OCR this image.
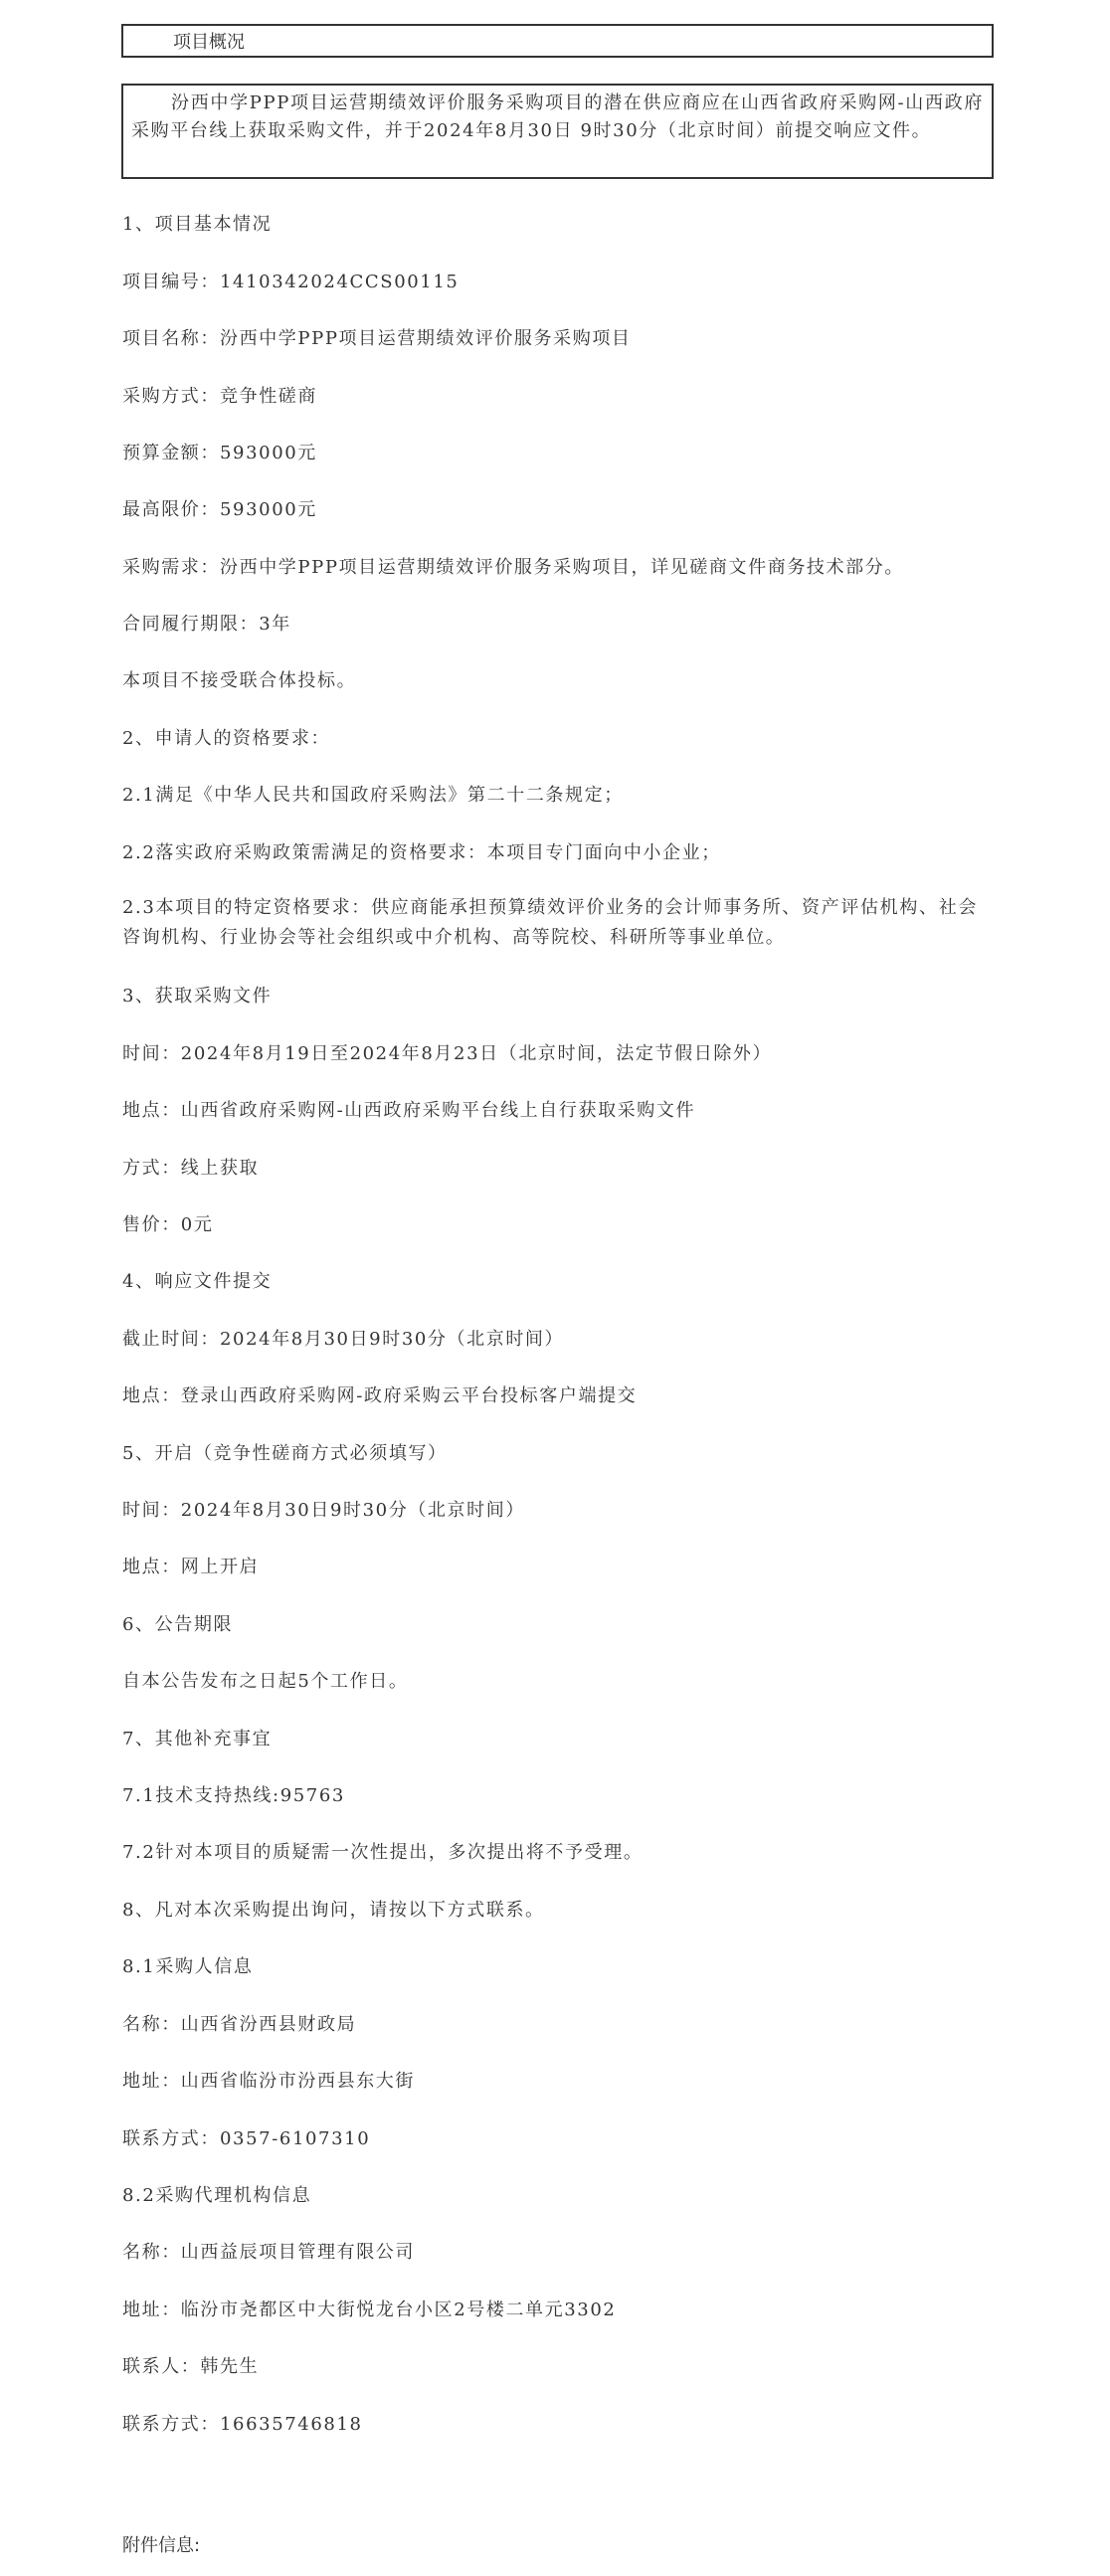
项目概况
汾西中学PPP项目运营期绩效评价服务采购项目的潜在供应商应在山西省政府采购网-山西政府采购平台线上获取采购文件，并于2024年8月30日 9时30分（北京时间）前提交响应文件。
1、项目基本情况
项目编号：1410342024CCS00115
项目名称：汾西中学PPP项目运营期绩效评价服务采购项目
采购方式：竞争性磋商
预算金额：593000元
最高限价：593000元
采购需求：汾西中学PPP项目运营期绩效评价服务采购项目，详见磋商文件商务技术部分。
合同履行期限：3年
本项目不接受联合体投标。
2、申请人的资格要求：
2.1满足《中华人民共和国政府采购法》第二十二条规定；
2.2落实政府采购政策需满足的资格要求：本项目专门面向中小企业；
2.3本项目的特定资格要求：供应商能承担预算绩效评价业务的会计师事务所、资产评估机构、社会咨询机构、行业协会等社会组织或中介机构、高等院校、科研所等事业单位。
3、获取采购文件
时间：2024年8月19日至2024年8月23日（北京时间，法定节假日除外）
地点：山西省政府采购网-山西政府采购平台线上自行获取采购文件
方式：线上获取
售价：0元
4、响应文件提交
截止时间：2024年8月30日9时30分（北京时间）
地点：登录山西政府采购网-政府采购云平台投标客户端提交
5、开启（竞争性磋商方式必须填写）
时间：2024年8月30日9时30分（北京时间）
地点：网上开启
6、公告期限
自本公告发布之日起5个工作日。
7、其他补充事宜
7.1技术支持热线:95763
7.2针对本项目的质疑需一次性提出，多次提出将不予受理。
8、凡对本次采购提出询问，请按以下方式联系。
8.1采购人信息
名称：山西省汾西县财政局
地址：山西省临汾市汾西县东大街
联系方式：0357-6107310
8.2采购代理机构信息
名称：山西益辰项目管理有限公司
地址：临汾市尧都区中大街悦龙台小区2号楼二单元3302
联系人：韩先生
联系方式：16635746818
附件信息:
